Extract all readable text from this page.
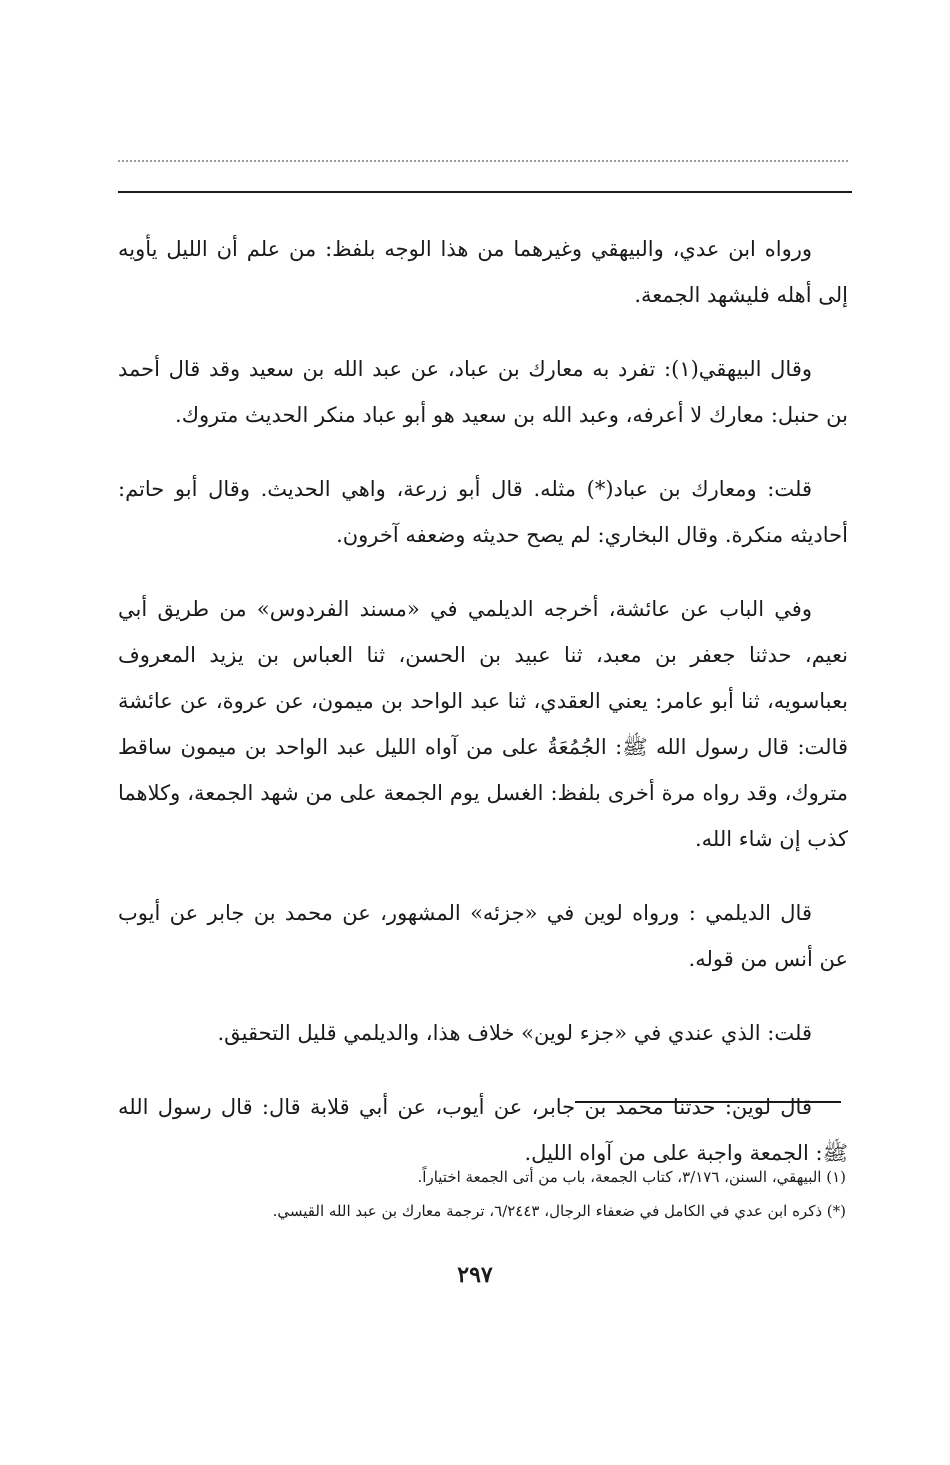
ورواه ابن عدي، والبيهقي وغيرهما من هذا الوجه بلفظ: من علم أن الليل يأويه إلى أهله فليشهد الجمعة.

وقال البيهقي(١): تفرد به معارك بن عباد، عن عبد الله بن سعيد وقد قال أحمد بن حنبل: معارك لا أعرفه، وعبد الله بن سعيد هو أبو عباد منكر الحديث متروك.

قلت: ومعارك بن عباد(*) مثله. قال أبو زرعة، واهي الحديث. وقال أبو حاتم: أحاديثه منكرة. وقال البخاري: لم يصح حديثه وضعفه آخرون.

وفي الباب عن عائشة، أخرجه الديلمي في «مسند الفردوس» من طريق أبي نعيم، حدثنا جعفر بن معبد، ثنا عبيد بن الحسن، ثنا العباس بن يزيد المعروف بعباسويه، ثنا أبو عامر: يعني العقدي، ثنا عبد الواحد بن ميمون، عن عروة، عن عائشة قالت: قال رسول الله ﷺ: الجُمُعَةُ على من آواه الليل عبد الواحد بن ميمون ساقط متروك، وقد رواه مرة أخرى بلفظ: الغسل يوم الجمعة على من شهد الجمعة، وكلاهما كذب إن شاء الله.

قال الديلمي : ورواه لوين في «جزئه» المشهور، عن محمد بن جابر عن أيوب عن أنس من قوله.

قلت: الذي عندي في «جزء لوين» خلاف هذا، والديلمي قليل التحقيق.

قال لوين: حدثنا محمد بن جابر، عن أيوب، عن أبي قلابة قال: قال رسول الله ﷺ: الجمعة واجبة على من آواه الليل.

(١) البيهقي، السنن، ٣/١٧٦، كتاب الجمعة، باب من أتى الجمعة اختياراً.

(*) ذكره ابن عدي في الكامل في ضعفاء الرجال، ٦/٢٤٤٣، ترجمة معارك بن عبد الله القيسي.

٢٩٧
